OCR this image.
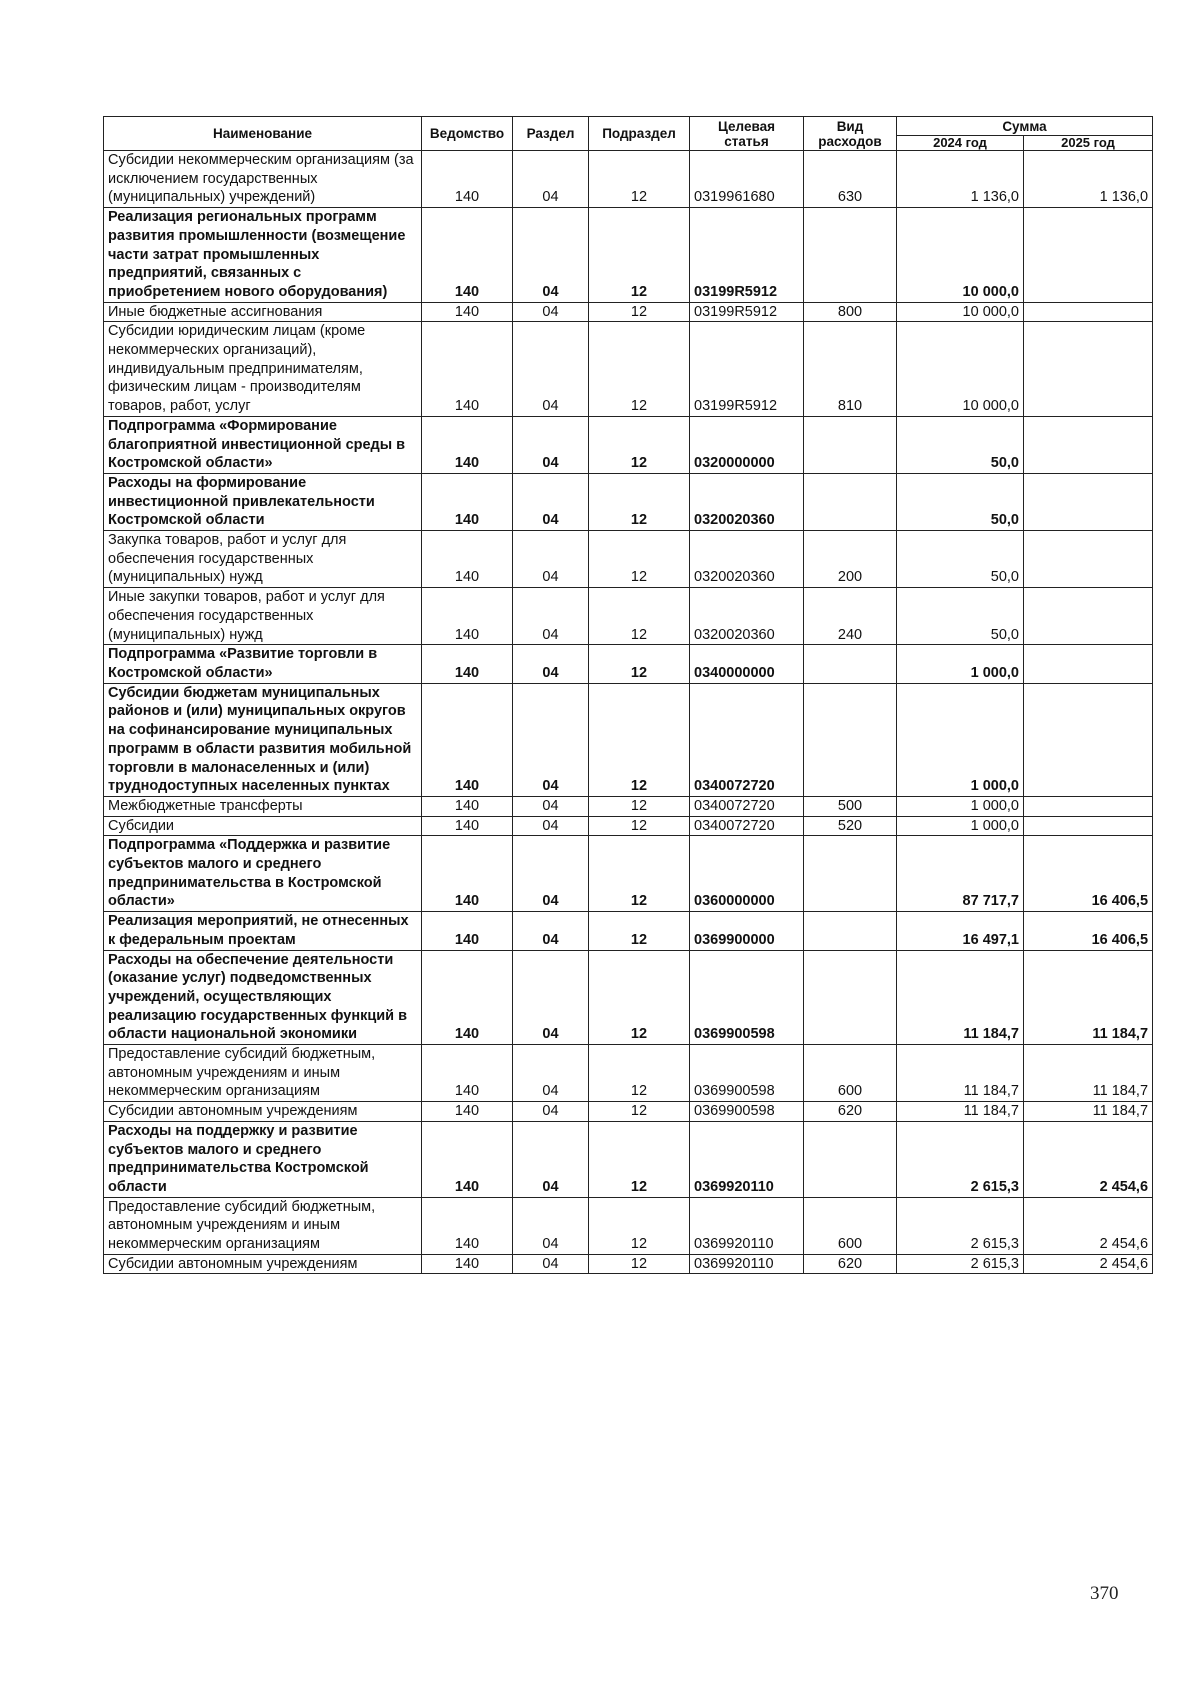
Наименование	Ведомство	Раздел	Подраздел	Целевая статья	Вид расходов	Сумма	
						2024 год	2025 год
Субсидии некоммерческим организациям (за исключением государственных (муниципальных) учреждений)	140	04	12	0319961680	630	1 136,0	1 136,0
Реализация региональных программ развития промышленности (возмещение части затрат промышленных предприятий, связанных с приобретением нового оборудования)	140	04	12	03199R5912		10 000,0	
Иные бюджетные ассигнования	140	04	12	03199R5912	800	10 000,0	
Субсидии юридическим лицам (кроме некоммерческих организаций), индивидуальным предпринимателям, физическим лицам - производителям товаров, работ, услуг	140	04	12	03199R5912	810	10 000,0	
Подпрограмма «Формирование благоприятной инвестиционной среды в Костромской области»	140	04	12	0320000000		50,0	
Расходы на формирование инвестиционной привлекательности Костромской области	140	04	12	0320020360		50,0	
Закупка товаров, работ и услуг для обеспечения государственных (муниципальных) нужд	140	04	12	0320020360	200	50,0	
Иные закупки товаров, работ и услуг для обеспечения государственных (муниципальных) нужд	140	04	12	0320020360	240	50,0	
Подпрограмма «Развитие торговли в Костромской области»	140	04	12	0340000000		1 000,0	
Субсидии бюджетам муниципальных районов и (или) муниципальных округов на софинансирование муниципальных программ в области развития мобильной торговли в малонаселенных и (или) труднодоступных населенных пунктах	140	04	12	0340072720		1 000,0	
Межбюджетные трансферты	140	04	12	0340072720	500	1 000,0	
Субсидии	140	04	12	0340072720	520	1 000,0	
Подпрограмма «Поддержка и развитие субъектов малого и среднего предпринимательства в Костромской области»	140	04	12	0360000000		87 717,7	16 406,5
Реализация мероприятий, не отнесенных к федеральным проектам	140	04	12	0369900000		16 497,1	16 406,5
Расходы на обеспечение деятельности (оказание услуг) подведомственных учреждений, осуществляющих реализацию государственных функций в области национальной экономики	140	04	12	0369900598		11 184,7	11 184,7
Предоставление субсидий бюджетным, автономным учреждениям и иным некоммерческим организациям	140	04	12	0369900598	600	11 184,7	11 184,7
Субсидии автономным учреждениям	140	04	12	0369900598	620	11 184,7	11 184,7
Расходы на поддержку и развитие субъектов малого и среднего предпринимательства Костромской области	140	04	12	0369920110		2 615,3	2 454,6
Предоставление субсидий бюджетным, автономным учреждениям и иным некоммерческим организациям	140	04	12	0369920110	600	2 615,3	2 454,6
Субсидии автономным учреждениям	140	04	12	0369920110	620	2 615,3	2 454,6
370
